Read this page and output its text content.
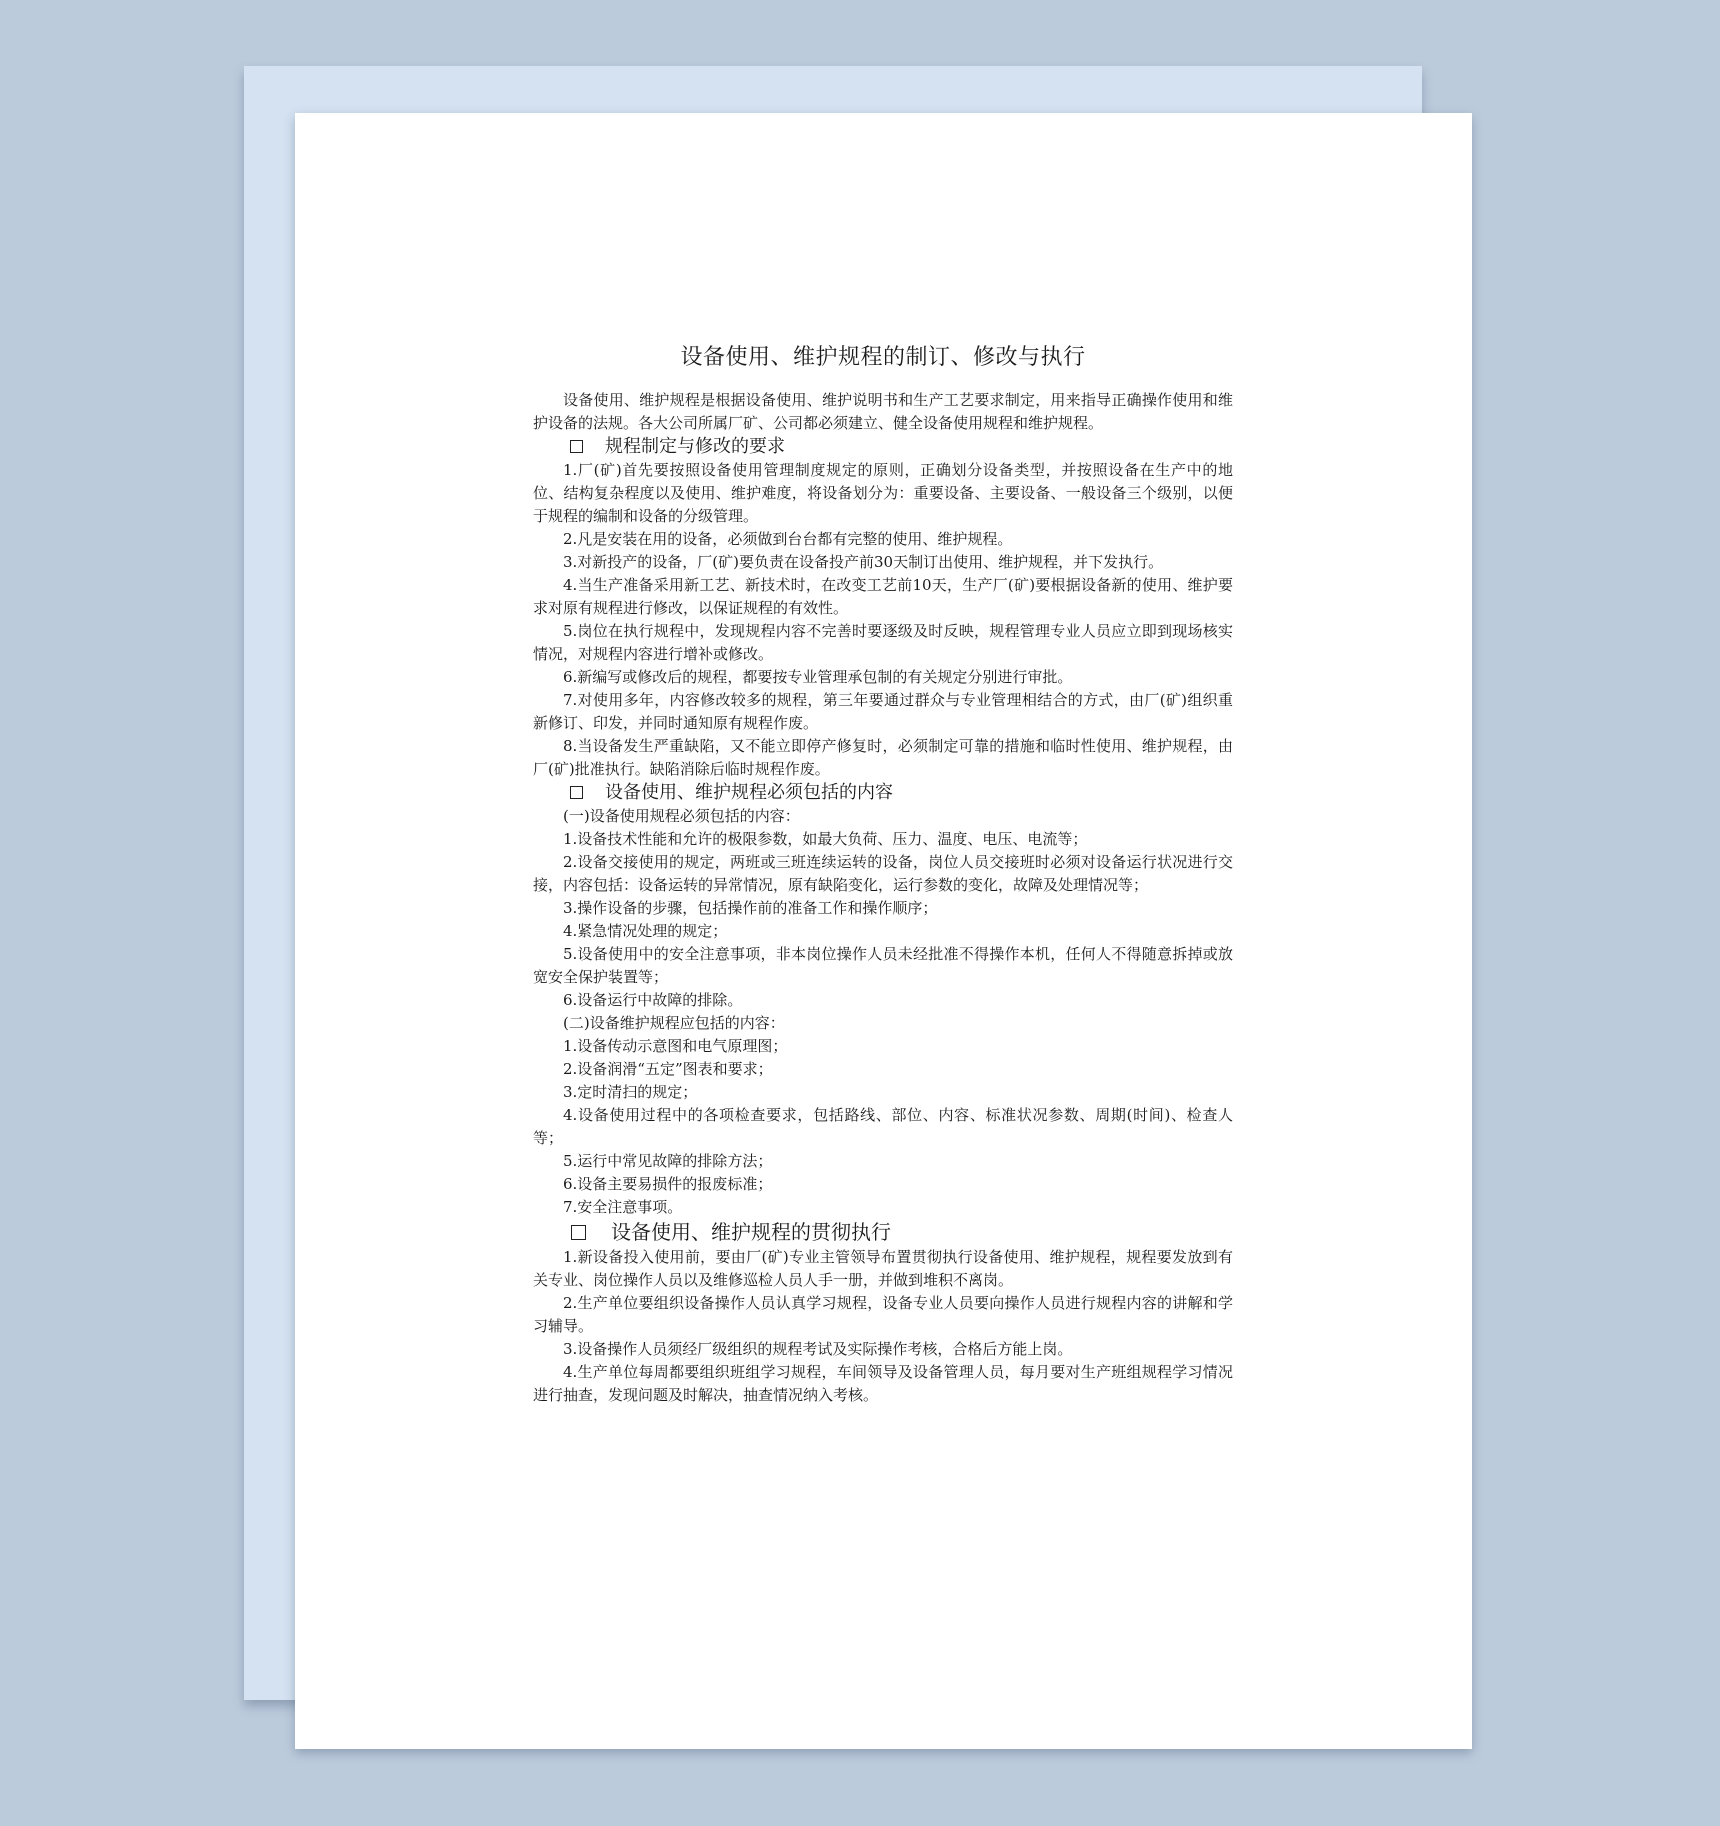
设备使用、维护规程的制订、修改与执行

设备使用、维护规程是根据设备使用、维护说明书和生产工艺要求制定，用来指导正确操作使用和维护设备的法规。各大公司所属厂矿、公司都必须建立、健全设备使用规程和维护规程。

规程制定与修改的要求

1.厂(矿)首先要按照设备使用管理制度规定的原则，正确划分设备类型，并按照设备在生产中的地位、结构复杂程度以及使用、维护难度，将设备划分为：重要设备、主要设备、一般设备三个级别，以便于规程的编制和设备的分级管理。

2.凡是安装在用的设备，必须做到台台都有完整的使用、维护规程。

3.对新投产的设备，厂(矿)要负责在设备投产前30天制订出使用、维护规程，并下发执行。

4.当生产准备采用新工艺、新技术时，在改变工艺前10天，生产厂(矿)要根据设备新的使用、维护要求对原有规程进行修改，以保证规程的有效性。

5.岗位在执行规程中，发现规程内容不完善时要逐级及时反映，规程管理专业人员应立即到现场核实情况，对规程内容进行增补或修改。

6.新编写或修改后的规程，都要按专业管理承包制的有关规定分别进行审批。

7.对使用多年，内容修改较多的规程，第三年要通过群众与专业管理相结合的方式，由厂(矿)组织重新修订、印发，并同时通知原有规程作废。

8.当设备发生严重缺陷，又不能立即停产修复时，必须制定可靠的措施和临时性使用、维护规程，由厂(矿)批准执行。缺陷消除后临时规程作废。

设备使用、维护规程必须包括的内容

(一)设备使用规程必须包括的内容：

1.设备技术性能和允许的极限参数，如最大负荷、压力、温度、电压、电流等；

2.设备交接使用的规定，两班或三班连续运转的设备，岗位人员交接班时必须对设备运行状况进行交接，内容包括：设备运转的异常情况，原有缺陷变化，运行参数的变化，故障及处理情况等；

3.操作设备的步骤，包括操作前的准备工作和操作顺序；

4.紧急情况处理的规定；

5.设备使用中的安全注意事项，非本岗位操作人员未经批准不得操作本机，任何人不得随意拆掉或放宽安全保护装置等；

6.设备运行中故障的排除。

(二)设备维护规程应包括的内容：

1.设备传动示意图和电气原理图；

2.设备润滑“五定”图表和要求；

3.定时清扫的规定；

4.设备使用过程中的各项检查要求，包括路线、部位、内容、标准状况参数、周期(时间)、检查人等；

5.运行中常见故障的排除方法；

6.设备主要易损件的报废标准；

7.安全注意事项。

设备使用、维护规程的贯彻执行

1.新设备投入使用前，要由厂(矿)专业主管领导布置贯彻执行设备使用、维护规程，规程要发放到有关专业、岗位操作人员以及维修巡检人员人手一册，并做到堆积不离岗。

2.生产单位要组织设备操作人员认真学习规程，设备专业人员要向操作人员进行规程内容的讲解和学习辅导。

3.设备操作人员须经厂级组织的规程考试及实际操作考核，合格后方能上岗。

4.生产单位每周都要组织班组学习规程，车间领导及设备管理人员，每月要对生产班组规程学习情况进行抽查，发现问题及时解决，抽查情况纳入考核。
